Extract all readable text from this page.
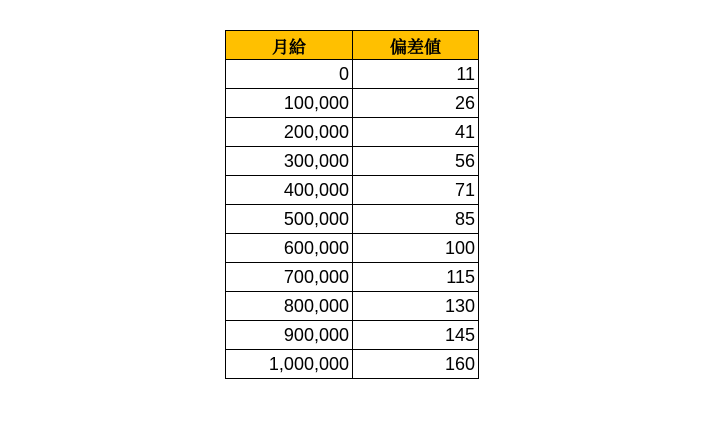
月給	偏差値
0	11
100,000	26
200,000	41
300,000	56
400,000	71
500,000	85
600,000	100
700,000	115
800,000	130
900,000	145
1,000,000	160
